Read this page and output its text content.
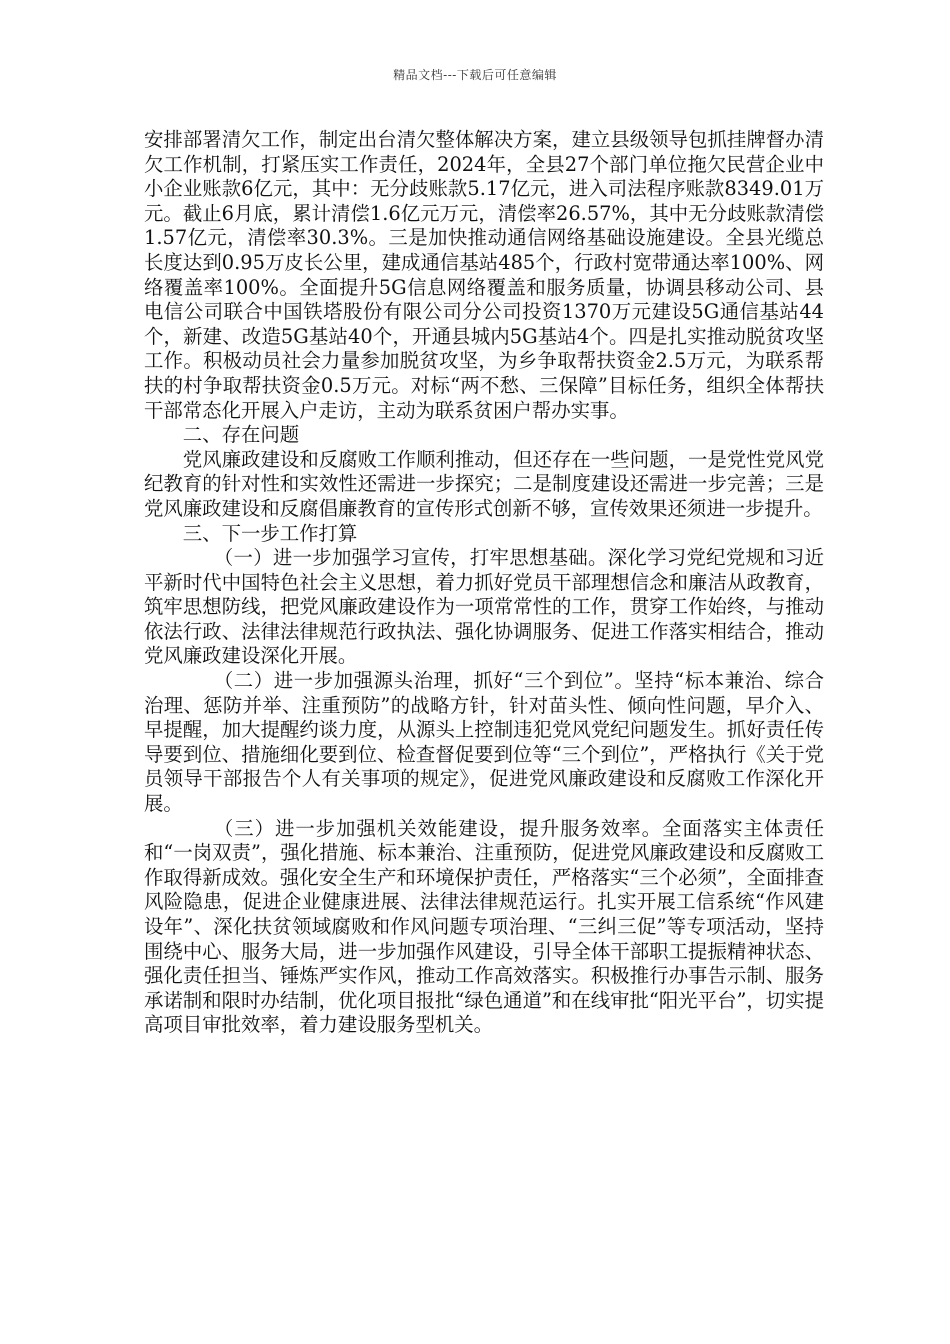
精品文档---下载后可任意编辑

安排部署清欠工作，制定出台清欠整体解决方案，建立县级领导包抓挂牌督办清欠工作机制，打紧压实工作责任，2024年，全县27个部门单位拖欠民营企业中小企业账款6亿元，其中：无分歧账款5.17亿元，进入司法程序账款8349.01万元。截止6月底，累计清偿1.6亿元万元，清偿率26.57%，其中无分歧账款清偿1.57亿元，清偿率30.3%。三是加快推动通信网络基础设施建设。全县光缆总长度达到0.95万皮长公里，建成通信基站485个，行政村宽带通达率100%、网络覆盖率100%。全面提升5G信息网络覆盖和服务质量，协调县移动公司、县电信公司联合中国铁塔股份有限公司分公司投资1370万元建设5G通信基站44个，新建、改造5G基站40个，开通县城内5G基站4个。四是扎实推动脱贫攻坚工作。积极动员社会力量参加脱贫攻坚，为乡争取帮扶资金2.5万元，为联系帮扶的村争取帮扶资金0.5万元。对标“两不愁、三保障”目标任务，组织全体帮扶干部常态化开展入户走访，主动为联系贫困户帮办实事。

二、存在问题

党风廉政建设和反腐败工作顺利推动，但还存在一些问题，一是党性党风党纪教育的针对性和实效性还需进一步探究；二是制度建设还需进一步完善；三是党风廉政建设和反腐倡廉教育的宣传形式创新不够，宣传效果还须进一步提升。

三、下一步工作打算

（一）进一步加强学习宣传，打牢思想基础。深化学习党纪党规和习近平新时代中国特色社会主义思想，着力抓好党员干部理想信念和廉洁从政教育，筑牢思想防线，把党风廉政建设作为一项常常性的工作，贯穿工作始终，与推动依法行政、法律法律规范行政执法、强化协调服务、促进工作落实相结合，推动党风廉政建设深化开展。

（二）进一步加强源头治理，抓好“三个到位”。坚持“标本兼治、综合治理、惩防并举、注重预防”的战略方针，针对苗头性、倾向性问题，早介入、早提醒，加大提醒约谈力度，从源头上控制违犯党风党纪问题发生。抓好责任传导要到位、措施细化要到位、检查督促要到位等“三个到位”，严格执行《关于党员领导干部报告个人有关事项的规定》，促进党风廉政建设和反腐败工作深化开展。

（三）进一步加强机关效能建设，提升服务效率。全面落实主体责任和“一岗双责”，强化措施、标本兼治、注重预防，促进党风廉政建设和反腐败工作取得新成效。强化安全生产和环境保护责任，严格落实“三个必须”，全面排查风险隐患，促进企业健康进展、法律法律规范运行。扎实开展工信系统“作风建设年”、深化扶贫领域腐败和作风问题专项治理、“三纠三促”等专项活动，坚持围绕中心、服务大局，进一步加强作风建设，引导全体干部职工提振精神状态、强化责任担当、锤炼严实作风，推动工作高效落实。积极推行办事告示制、服务承诺制和限时办结制，优化项目报批“绿色通道”和在线审批“阳光平台”，切实提高项目审批效率，着力建设服务型机关。
